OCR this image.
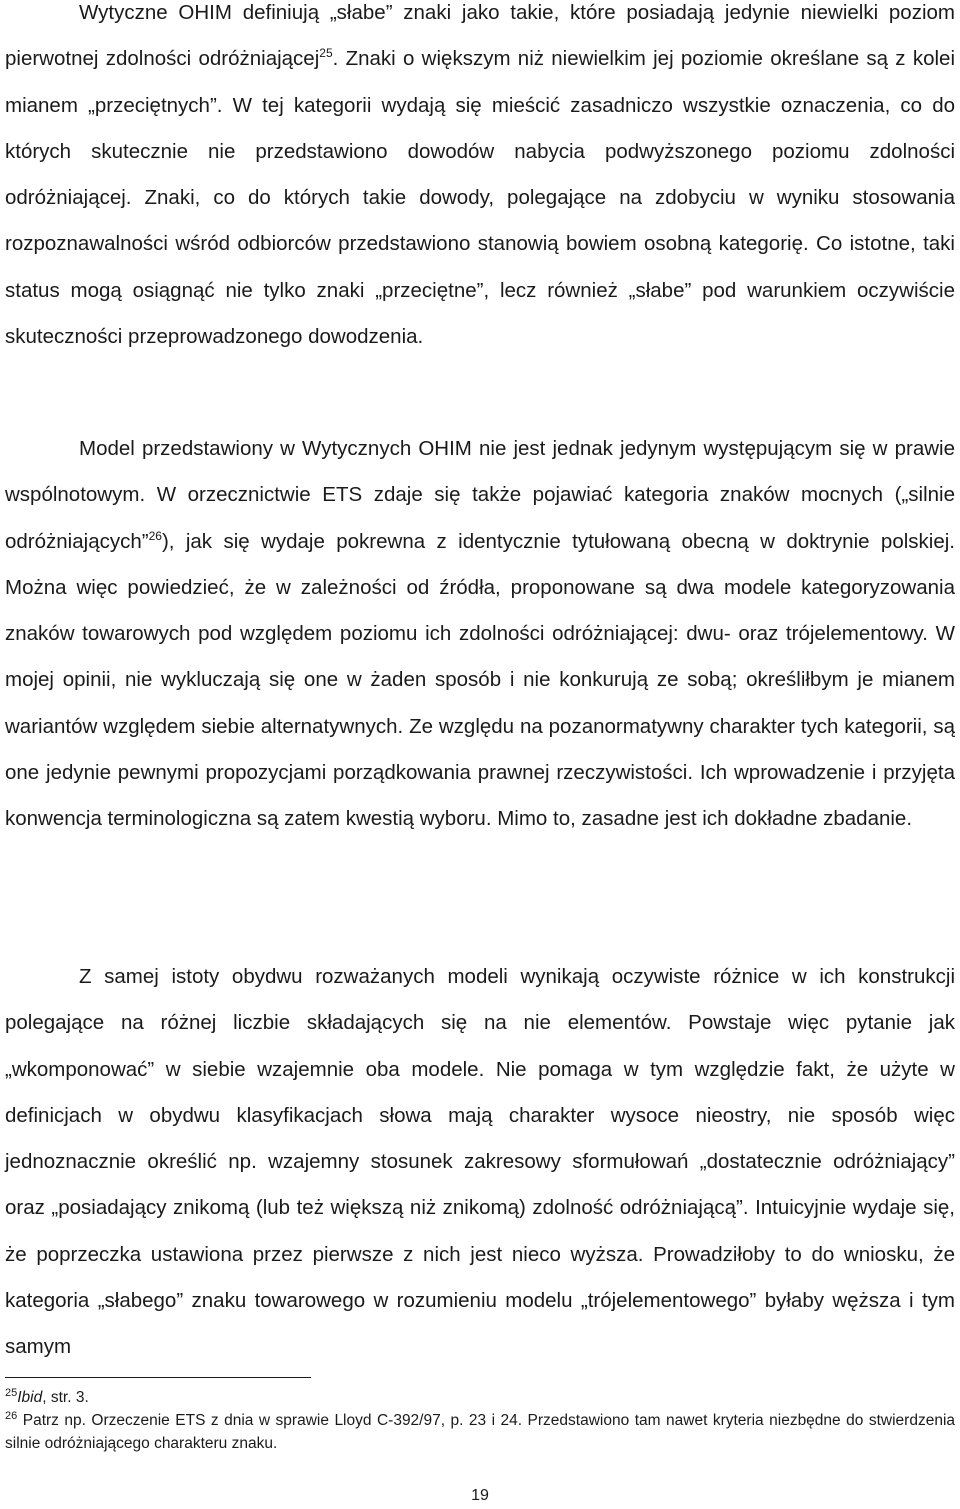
Wytyczne OHIM definiują „słabe” znaki jako takie, które posiadają jedynie niewielki poziom pierwotnej zdolności odróżniającej$^{25}$. Znaki o większym niż niewielkim jej poziomie określane są z kolei mianem „przeciętnych”. W tej kategorii wydają się mieścić zasadniczo wszystkie oznaczenia, co do których skutecznie nie przedstawiono dowodów nabycia podwyższonego poziomu zdolności odróżniającej. Znaki, co do których takie dowody, polegające na zdobyciu w wyniku stosowania rozpoznawalności wśród odbiorców przedstawiono stanowią bowiem osobną kategorię. Co istotne, taki status mogą osiągnąć nie tylko znaki „przeciętne”, lecz również „słabe” pod warunkiem oczywiście skuteczności przeprowadzonego dowodzenia.

Model przedstawiony w Wytycznych OHIM nie jest jednak jedynym występującym się w prawie wspólnotowym. W orzecznictwie ETS zdaje się także pojawiać kategoria znaków mocnych („silnie odróżniających”$^{26}$), jak się wydaje pokrewna z identycznie tytułowaną obecną w doktrynie polskiej. Można więc powiedzieć, że w zależności od źródła, proponowane są dwa modele kategoryzowania znaków towarowych pod względem poziomu ich zdolności odróżniającej: dwu- oraz trójelementowy. W mojej opinii, nie wykluczają się one w żaden sposób i nie konkurują ze sobą; określiłbym je mianem wariantów względem siebie alternatywnych. Ze względu na pozanormatywny charakter tych kategorii, są one jedynie pewnymi propozycjami porządkowania prawnej rzeczywistości. Ich wprowadzenie i przyjęta konwencja terminologiczna są zatem kwestią wyboru. Mimo to, zasadne jest ich dokładne zbadanie.

Z samej istoty obydwu rozważanych modeli wynikają oczywiste różnice w ich konstrukcji polegające na różnej liczbie składających się na nie elementów. Powstaje więc pytanie jak „wkomponować” w siebie wzajemnie oba modele. Nie pomaga w tym względzie fakt, że użyte w definicjach w obydwu klasyfikacjach słowa mają charakter wysoce nieostry, nie sposób więc jednoznacznie określić np. wzajemny stosunek zakresowy sformułowań „dostatecznie odróżniający” oraz „posiadający znikomą (lub też większą niż znikomą) zdolność odróżniającą”. Intuicyjnie wydaje się, że poprzeczka ustawiona przez pierwsze z nich jest nieco wyższa. Prowadziłoby to do wniosku, że kategoria „słabego” znaku towarowego w rozumieniu modelu „trójelementowego” byłaby węższa i tym samym

$^{25}$Ibid, str. 3.

$^{26}$ Patrz np. Orzeczenie ETS z dnia w sprawie Lloyd C-392/97, p. 23 i 24. Przedstawiono tam nawet kryteria niezbędne do stwierdzenia silnie odróżniającego charakteru znaku.

19
